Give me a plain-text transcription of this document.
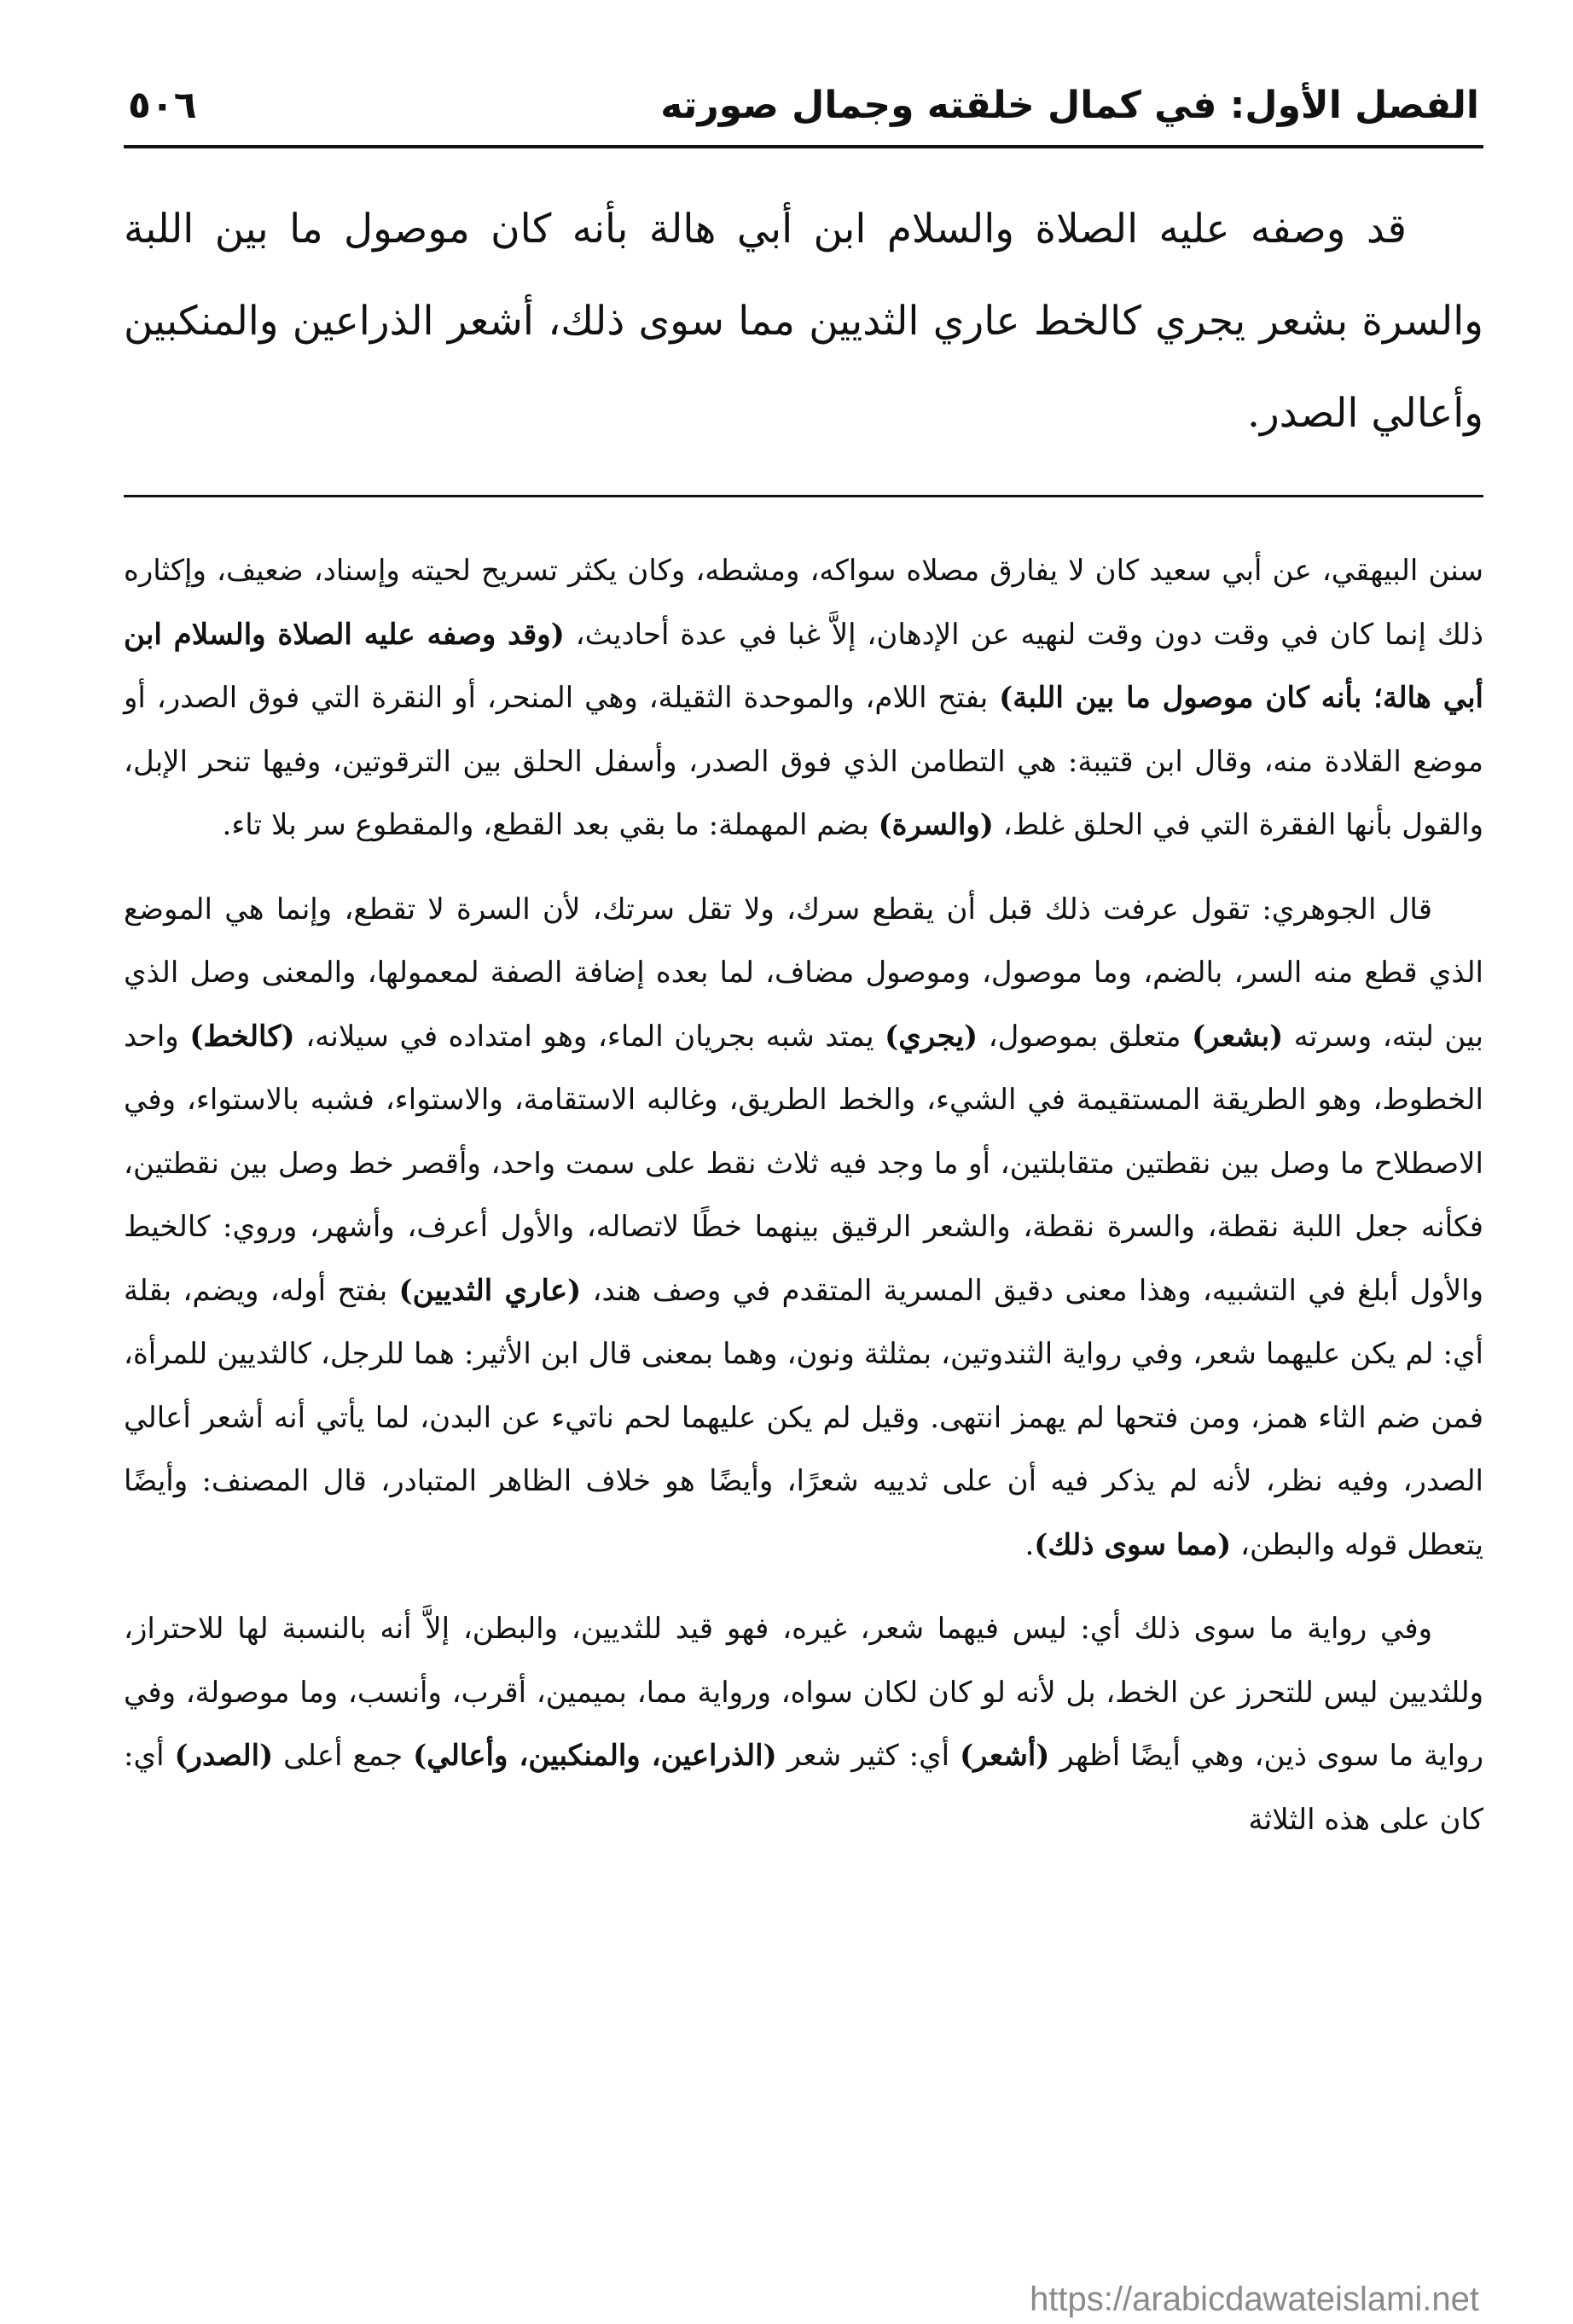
الفصل الأول: في كمال خلقته وجمال صورته
٥٠٦

قد وصفه عليه الصلاة والسلام ابن أبي هالة بأنه كان موصول ما بين اللبة والسرة بشعر يجري كالخط عاري الثديين مما سوى ذلك، أشعر الذراعين والمنكبين وأعالي الصدر.

سنن البيهقي، عن أبي سعيد كان لا يفارق مصلاه سواكه، ومشطه، وكان يكثر تسريح لحيته وإسناد، ضعيف، وإكثاره ذلك إنما كان في وقت دون وقت لنهيه عن الإدهان، إلاَّ غبا في عدة أحاديث، (وقد وصفه عليه الصلاة والسلام ابن أبي هالة؛ بأنه كان موصول ما بين اللبة) بفتح اللام، والموحدة الثقيلة، وهي المنحر، أو النقرة التي فوق الصدر، أو موضع القلادة منه، وقال ابن قتيبة: هي التطامن الذي فوق الصدر، وأسفل الحلق بين الترقوتين، وفيها تنحر الإبل، والقول بأنها الفقرة التي في الحلق غلط، (والسرة) بضم المهملة: ما بقي بعد القطع، والمقطوع سر بلا تاء.

قال الجوهري: تقول عرفت ذلك قبل أن يقطع سرك، ولا تقل سرتك، لأن السرة لا تقطع، وإنما هي الموضع الذي قطع منه السر، بالضم، وما موصول، وموصول مضاف، لما بعده إضافة الصفة لمعمولها، والمعنى وصل الذي بين لبته، وسرته (بشعر) متعلق بموصول، (يجري) يمتد شبه بجريان الماء، وهو امتداده في سيلانه، (كالخط) واحد الخطوط، وهو الطريقة المستقيمة في الشيء، والخط الطريق، وغالبه الاستقامة، والاستواء، فشبه بالاستواء، وفي الاصطلاح ما وصل بين نقطتين متقابلتين، أو ما وجد فيه ثلاث نقط على سمت واحد، وأقصر خط وصل بين نقطتين، فكأنه جعل اللبة نقطة، والسرة نقطة، والشعر الرقيق بينهما خطًا لاتصاله، والأول أعرف، وأشهر، وروي: كالخيط والأول أبلغ في التشبيه، وهذا معنى دقيق المسرية المتقدم في وصف هند، (عاري الثديين) بفتح أوله، ويضم، بقلة أي: لم يكن عليهما شعر، وفي رواية الثندوتين، بمثلثة ونون، وهما بمعنى قال ابن الأثير: هما للرجل، كالثديين للمرأة، فمن ضم الثاء همز، ومن فتحها لم يهمز انتهى. وقيل لم يكن عليهما لحم ناتيء عن البدن، لما يأتي أنه أشعر أعالي الصدر، وفيه نظر، لأنه لم يذكر فيه أن على ثدييه شعرًا، وأيضًا هو خلاف الظاهر المتبادر، قال المصنف: وأيضًا يتعطل قوله والبطن، (مما سوى ذلك).

وفي رواية ما سوى ذلك أي: ليس فيهما شعر، غيره، فهو قيد للثديين، والبطن، إلاَّ أنه بالنسبة لها للاحتراز، وللثديين ليس للتحرز عن الخط، بل لأنه لو كان لكان سواه، ورواية مما، بميمين، أقرب، وأنسب، وما موصولة، وفي رواية ما سوى ذين، وهي أيضًا أظهر (أشعر) أي: كثير شعر (الذراعين، والمنكبين، وأعالي) جمع أعلى (الصدر) أي: كان على هذه الثلاثة

https://arabicdawateislami.net
